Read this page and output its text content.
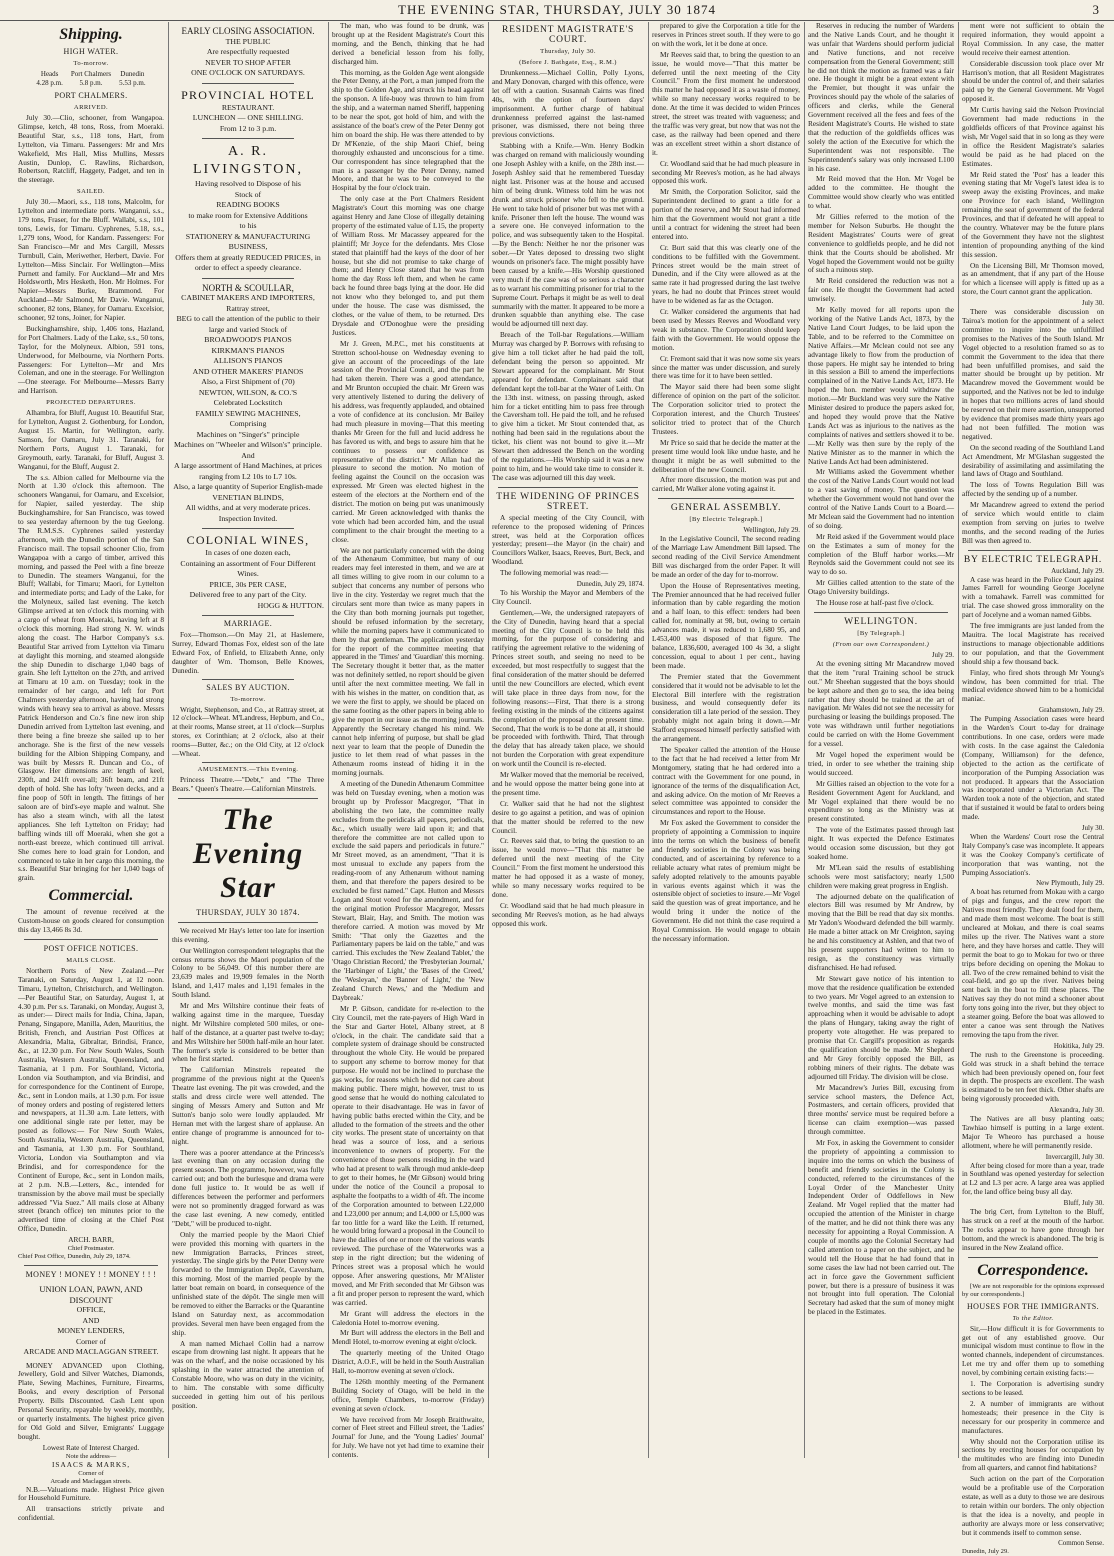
THE EVENING STAR, THURSDAY, JULY 30 1874	3
Shipping.
HIGH WATER.
To-morrow.
Heads
4.28 p.m.
Port Chalmers
5.8 p.m.
Dunedin
5.53 p.m.
PORT CHALMERS.
ARRIVED.

July 30.—Clio, schooner, from Wangapoa. Glimpse, ketch, 48 tons, Ross, from Moeraki. Beautiful Star, s.s., 118 tons, Hart, from Lyttelton, via Timaru. Passengers: Mr and Mrs Wakefield, Mrs Hall, Miss Mullins, Messrs Austin, Dunlop, C. Rawlins, Richardson, Robertson, Ratcliff, Haggety, Padget, and ten in the steerage.

SAILED.

July 30.—Maori, s.s., 118 tons, Malcolm, for Lyttelton and intermediate ports. Wanganui, s.s., 179 tons, Fraser, for the Bluff. Wallabi, s.s., 101 tons, Lewis, for Timaru. Cyphrenes, 5.18, s.s., 1,279 tons, Wood, for Kandarn. Passengers: For San Francisco—Mr and Mrs Cargill, Messrs Turnbull, Cain, Meriwether, Herbert, Davie. For Lyttelton—Miss Sinclair. For Wellington—Miss Purnett and family. For Auckland—Mr and Mrs Holdsworth, Mrs Hesketh, Hon. Mr Holmes. For Napier—Messrs Burke, Brammond. For Auckland—Mr Salmond, Mr Davie. Wanganui, schooner, 82 tons, Blaney, for Oamaru. Excelsior, schooner, 92 tons, Joiner, for Napier.

Buckinghamshire, ship, 1,406 tons, Hazland, for Port Chalmers. Lady of the Lake, s.s., 50 tons, Taylor, for the Molyneux. Albion, 591 tons, Underwood, for Melbourne, via Northern Ports. Passengers: For Lyttelton—Mr and Mrs Coleman, and one in the steerage. For Wellington—One steerage. For Melbourne—Messrs Barry and Harrison.

PROJECTED DEPARTURES.

Alhambra, for Bluff, August 10. Beautiful Star, for Lyttelton, August 2. Gothenburg, for London, August 15. Martin, for Wellington, early. Samson, for Oamaru, July 31. Taranaki, for Northern Ports, August 1. Taranaki, for Greymouth, early. Taranaki, for Bluff, August 3. Wanganui, for the Bluff, August 2.

The s.s. Albion called for Melbourne via the North at 1.30 o'clock this afternoon. The schooners Wanganui, for Oamaru, and Excelsior, for Napier, sailed yesterday. The ship Buckinghamshire, for San Francisco, was towed to sea yesterday afternoon by the tug Geelong. The R.M.S.S. Cyphrenes sailed yesterday afternoon, with the Dunedin portion of the San Francisco mail. The topsail schooner Clio, from Wangapoa with a cargo of timber, arrived this morning, and passed the Peel with a fine breeze to Dunedin. The steamers Wanganui, for the Bluff; Wallabi, for Timaru; Maori, for Lyttelton and intermediate ports; and Lady of the Lake, for the Molyneux, sailed last evening. The ketch Glimpse arrived at ten o'clock this morning with a cargo of wheat from Moeraki, having left at 8 o'clock this morning. Had strong N. W. winds along the coast. The Harbor Company's s.s. Beautiful Star arrived from Lyttelton via Timaru at daylight this morning, and steamed alongside the ship Dunedin to discharge 1,040 bags of grain. She left Lyttelton on the 27th, and arrived at Timaru at 10 a.m. on Tuesday; took in the remainder of her cargo, and left for Port Chalmers yesterday afternoon, having had strong winds with heavy sea to arrival as above. Messrs Patrick Henderson and Co.'s fine new iron ship Dunedin arrived from Lyttelton last evening, and there being a fine breeze she sailed up to her anchorage. She is the first of the new vessels building for the Albion Shipping Company, and was built by Messrs R. Duncan and Co., of Glasgow. Her dimensions are: length of keel, 230ft, and 241ft over-all; 36ft beam, and 21ft depth of hold. She has lofty 'tween decks, and a fine poop of 50ft in length. The fittings of her saloon are of bird's-eye maple and walnut. She has also a steam winch, with all the latest appliances. She left Lyttelton on Friday; had baffling winds till off Moeraki, when she got a north-east breeze, which continued till arrival. She comes here to load grain for London, and commenced to take in her cargo this morning, the s.s. Beautiful Star bringing for her 1,040 bags of grain.

Commercial.

The amount of revenue received at the Custom-house on goods cleared for consumption this day 13,466 8s 3d.

POST OFFICE NOTICES.
MAILS CLOSE.

Northern Ports of New Zealand.—Per Taranaki, on Saturday, August 1, at 12 noon. Timaru, Lyttelton, Christchurch, and Wellington.—Per Beautiful Star, on Saturday, August 1, at 4.30 p.m. Per s.s. Taranaki, on Monday, August 3, as under:— Direct mails for India, China, Japan, Penang, Singapore, Manilla, Aden, Mauritius, the British, French, and Austrian Post Offices at Alexandria, Malta, Gibraltar, Brindisi, France, &c., at 12.30 p.m. For New South Wales, South Australia, Western Australia, Queensland, and Tasmania, at 1 p.m. For Southland, Victoria, London via Southampton, and via Brindisi, and for correspondence for the Continent of Europe, &c., sent in London mails, at 1.30 p.m. For issue of money orders and posting of registered letters and newspapers, at 11.30 a.m. Late letters, with one additional single rate per letter, may be posted as follows:— For New South Wales, South Australia, Western Australia, Queensland, and Tasmania, at 1.30 p.m. For Southland, Victoria, London via Southampton and via Brindisi, and for correspondence for the Continent of Europe, &c., sent in London mails, at 2 p.m. N.B.—Letters, &c., intended for transmission by the above mail must be specially addressed "Via Suez." All mails close at Albany street (branch office) ten minutes prior to the advertised time of closing at the Chief Post Office, Dunedin.

ARCH. BARR,
Chief Postmaster.
Chief Post Office, Dunedin, July 29, 1874.
MONEY ! MONEY ! ! MONEY ! ! !
UNION LOAN, PAWN, AND DISCOUNT
OFFICE,
AND
MONEY LENDERS,
Corner of
ARCADE AND MACLAGGAN STREET.

MONEY ADVANCED upon Clothing, Jewellery, Gold and Silver Watches, Diamonds, Plate, Sewing Machines, Furniture, Firearms, Books, and every description of Personal Property. Bills Discounted. Cash Lent upon Personal Security, repayable by weekly, monthly, or quarterly instalments. The highest price given for Old Gold and Silver, Emigrants' Luggage bought.

Lowest Rate of Interest Charged.
Note the address—
ISAACS & MARKS,
Corner of
Arcade and Maclaggan streets.

N.B.—Valuations made. Highest Price given for Household Furniture.

All transactions strictly private and confidential.

EARLY CLOSING ASSOCIATION.
THE PUBLIC
Are respectfully requested
NEVER TO SHOP AFTER
ONE O'CLOCK ON SATURDAYS.
PROVINCIAL HOTEL
RESTAURANT.
LUNCHEON — ONE SHILLING.
From 12 to 3 p.m.
A. R. LIVINGSTON,
Having resolved to Dispose of his
Stock of
READING BOOKS
to make room for Extensive Additions
to his
STATIONERY & MANUFACTURING
BUSINESS,
Offers them at greatly REDUCED PRICES, in order to effect a speedy clearance.
NORTH & SCOULLAR,
CABINET MAKERS AND IMPORTERS,
Rattray street,
BEG to call the attention of the public to their large and varied Stock of
BROADWOOD'S PIANOS
KIRKMAN'S PIANOS
ALLISON'S PIANOS
AND OTHER MAKERS' PIANOS
Also, a First Shipment of (70)
NEWTON, WILSON, & CO.'S
Celebrated Lockstitch
FAMILY SEWING MACHINES,
Comprising
Machines on "Singer's" principle
Machines on "Wheeler and Wilson's" principle.
And
A large assortment of Hand Machines, at prices ranging from L2 10s to L7 10s.
Also, a large quantity of Superior English-made
VENETIAN BLINDS,
All widths, and at very moderate prices.
Inspection Invited.
COLONIAL WINES,
In cases of one dozen each,
Containing an assortment of Four Different
Wines.
PRICE, 30s PER CASE,
Delivered free to any part of the City.
HOGG & HUTTON.
MARRIAGE.

Fox—Thomson.—On May 21, at Haslemere, Surrey, Edward Thomas Fox, eldest son of the late Edward Fox, of Enfield, to Elizabeth Anne, only daughter of Wm. Thomson, Belle Knowes, Dunedin.

SALES BY AUCTION.
To-morrow.

Wright, Stephenson, and Co., at Rattray street, at 12 o'clock—Wheat. M'Landress, Hepburn, and Co., at their rooms, Manse street, at 11 o'clock—Surplus stores, ex Corinthian; at 2 o'clock, also at their rooms—Butter, &c.; on the Old City, at 12 o'clock—Wheat.

AMUSEMENTS.—This Evening.

Princess Theatre.—"Debt," and "The Three Bears." Queen's Theatre.—Californian Minstrels.

The Evening Star
THURSDAY, JULY 30 1874.

We received Mr Hay's letter too late for insertion this evening.

Our Wellington correspondent telegraphs that the census returns shows the Maori population of the Colony to be 56,049. Of this number there are 23,639 males and 19,909 females in the North Island, and 1,417 males and 1,191 females in the South Island.

Mr and Mrs Wiltshire continue their feats of walking against time in the marquee, Tuesday night. Mr Wiltshire completed 500 miles, or one-half of the distance, at a quarter past twelve to-day; and Mrs Wiltshire her 500th half-mile an hour later. The former's style is considered to be better than when he first started.

The Californian Minstrels repeated the programme of the previous night at the Queen's Theatre last evening. The pit was crowded, and the stalls and dress circle were well attended. The singing of Messrs Amery and Sutton and Mr Sutton's banjo solo were loudly applauded. Mr Hernan met with the largest share of applause. An entire change of programme is announced for to-night.

There was a poorer attendance at the Princess's last evening than on any occasion during the present season. The programme, however, was fully carried out; and both the burlesque and drama were done full justice to. It would be as well if differences between the performer and performers were not so prominently dragged forward as was the case last evening. A new comedy, entitled "Debt," will be produced to-night.

Only the married people by the Maori Chief were provided this morning with quarters in the new Immigration Barracks, Princes street, yesterday. The single girls by the Peter Denny were forwarded to the Immigration Depôt, Caversham, this morning. Most of the married people by the latter boat remain on board, in consequence of the unfinished state of the dépôt. The single men will be removed to either the Barracks or the Quarantine Island on Saturday next, as accommodation provides. Several men have been engaged from the ship.

A man named Michael Collin had a narrow escape from drowning last night. It appears that he was on the wharf, and the noise occasioned by his splashing in the water attracted the attention of Constable Moore, who was on duty in the vicinity, to him. The constable with some difficulty succeeded in getting him out of his perilous position.

The man, who was found to be drunk, was brought up at the Resident Magistrate's Court this morning, and the Bench, thinking that he had derived a beneficial lesson from his folly, discharged him.

This morning, as the Golden Age went alongside the Peter Denny, at the Port, a man jumped from the ship to the Golden Age, and struck his head against the sponson. A life-buoy was thrown to him from the ship, and a waterman named Sheriff, happening to be near the spot, got hold of him, and with the assistance of the boat's crew of the Peter Denny got him on board the ship. He was there attended to by Dr M'Kenzie, of the ship Maori Chief, being thoroughly exhausted and unconscious for a time. Our correspondent has since telegraphed that the man is a passenger by the Peter Denny, named Moore, and that he was to be conveyed to the Hospital by the four o'clock train.

The only case at the Port Chalmers Resident Magistrate's Court this morning was one charge against Henry and Jane Close of illegally detaining property of the estimated value of L15, the property of William Ross. Mr Macassey appeared for the plaintiff; Mr Joyce for the defendants. Mrs Close stated that plaintiff had the keys of the door of her house, but she did not promise to take charge of them; and Henry Close stated that he was from home the day Ross left them, and when he came back he found three bags lying at the door. He did not know who they belonged to, and put them under the house. The case was dismissed, the clothes, or the value of them, to be returned. Drs Drysdale and O'Donoghue were the presiding Justices.

Mr J. Green, M.P.C., met his constituents at Stretton school-house on Wednesday evening to give an account of the proceedings of the late session of the Provincial Council, and the part he had taken therein. There was a good attendance, and Mr Brunton occupied the chair. Mr Green was very attentively listened to during the delivery of his address, was frequently applauded, and obtained a vote of confidence at its conclusion. Mr Bailey had much pleasure in moving—That this meeting thanks Mr Green for the full and lucid address he has favored us with, and begs to assure him that he continues to possess our confidence as representative of the district." Mr Allan had the pleasure to second the motion. No motion of feeling against the Council on the occasion was expressed. Mr Green was elected highest in the esteem of the electors at the Northern end of the district. The motion on being put was unanimously carried. Mr Green acknowledged with thanks the vote which had been accorded him, and the usual compliment to the chair brought the meeting to a close.

We are not particularly concerned with the doing of the Athenæum Committee, but many of our readers may feel interested in them, and we are at all times willing to give room in our column to a subject that concerns any number of persons who live in the city. Yesterday we regret much that the circulars sent more than twice as many papers in the City than both morning journals put together, should be refused information by the secretary, while the morning papers have it communicated to them by that gentleman. The application yesterday for the report of the committee meeting that appeared in the 'Times' and 'Guardian' this morning. The Secretary thought it better that, as the matter was not definitely settled, no report should be given until after the next committee meeting. We fall in with his wishes in the matter, on condition that, as we were the first to apply, we should be placed on the same footing as the other papers in being able to give the report in our issue as the morning journals. Apparently the Secretary changed his mind. We cannot help inferring of purpose, but shall be glad next year to learn that the people of Dunedin the justice to let them read of what passes in the Athenæum rooms instead of hiding it in the morning journals.

A meeting of the Dunedin Athenæum Committee was held on Tuesday evening, when a motion was brought up by Professor Macgregor, "That in abolishing the two late, the committee really excludes from the peridicals all papers, periodicals, &c., which usually were laid upon it; and that therefore the committee are not called upon to exclude the said papers and periodicals in future." Mr Street moved, as an amendment, "That it is most unusual to exclude any papers from the reading-room of any Athenæum without naming them, and that therefore the papers desired to be excluded be first named." Capt. Hutton and Messrs Logan and Stout voted for the amendment, and for the original motion Professor Macgregor, Messrs Stewart, Blair, Hay, and Smith. The motion was therefore carried. A motion was moved by Mr Smith: "That only the Gazettes and the Parliamentary papers be laid on the table," and was carried. This excludes the 'New Zealand Tablet,' the 'Otago Christian Record,' the 'Presbyterian Journal,' the 'Harbinger of Light,' the 'Bases of the Creed,' the 'Wesleyan,' the 'Banner of Light,' the 'New Zealand Church News,' and the 'Medium and Daybreak.'

Mr P. Gibson, candidate for re-election to the City Council, met the rate-payers of High Ward in the Star and Garter Hotel, Albany street, at 8 o'clock, in the chair. The candidate said that a complete system of drainage should be constructed throughout the whole City. He would be prepared to support any scheme to borrow money for that purpose. He would not be inclined to purchase the gas works, for reasons which he did not care about making public. There might, however, trust to us good sense that he would do nothing calculated to operate to their disadvantage. He was in favor of having public baths erected within the City, and be alluded to the formation of the streets and the other city works. The present state of uncertainty on that head was a source of loss, and a serious inconvenience to owners of property. For the convenience of those persons residing in the ward who had at present to walk through mud ankle-deep to get to their homes, he (Mr Gibson) would bring under the notice of the Council a proposal to asphalte the footpaths to a width of 4ft. The income of the Corporation amounted to between L22,000 and L23,000 per annum; and L4,000 or L5,000 was far too little for a ward like the Leith. If returned, he would bring forward a proposal in the Council to have the dallies of one or more of the various wards reviewed. The purchase of the Waterworks was a step in the right direction; but the widening of Princes street was a proposal which he would oppose. After answering questions, Mr M'Alister moved, and Mr Frith seconded that Mr Gibson was a fit and proper person to represent the ward, which was carried.

Mr Grant will address the electors in the Caledonia Hotel to-morrow evening.

Mr Burt will address the electors in the Bell and Mendl Hotel, to-morrow evening at eight o'clock.

The quarterly meeting of the United Otago District, A.O.F., will be held in the South Australian Hall, to-morrow evening at seven o'clock.

The 126th monthly meeting of the Permanent Building Society of Otago, will be held in the office, Temple Chambers, to-morrow (Friday) evening at seven o'clock.

We have received from Mr Joseph Braithwaite, corner of Fleet street and Filleul street, the 'Ladies' Journal' for June, and the 'Young Ladies' Journal' for July. We have not yet had time to examine their contents.

RESIDENT MAGISTRATE'S COURT.
Thursday, July 30.
(Before J. Bathgate, Esq., R.M.)

Drunkenness.—Michael Collin, Polly Lyons, and Mary Donovan, charged with this offence, were let off with a caution. Susannah Cairns was fined 40s, with the option of fourteen days' imprisonment. A further charge of habitual drunkenness preferred against the last-named prisoner, was dismissed, there not being three previous convictions.

Stabbing with a Knife.—Wm. Henry Bodkin was charged on remand with maliciously wounding one Joseph Ashley with a knife, on the 28th inst.—Joseph Ashley said that he remembered Tuesday night last. Prisoner was at the house and accused him of being drunk. Witness told him he was not drunk and struck prisoner who fell to the ground. He went to take hold of prisoner but was met with a knife. Prisoner then left the house. The wound was a severe one. He conveyed information to the police, and was subsequently taken to the Hospital.—By the Bench: Neither he nor the prisoner was sober.—Dr Yates deposed to dressing two slight wounds on prisoner's face. The might possibly have been caused by a knife.—His Worship questioned very much if the case was of so serious a character as to warrant his committing prisoner for trial to the Supreme Court. Perhaps it might be as well to deal summarily with the matter. It appeared to be more a drunken squabble than anything else. The case would be adjourned till next day.

Breach of the Toll-bar Regulations.—William Murray was charged by P. Borrows with refusing to give him a toll ticket after he had paid the toll, defendant being the person so appointed. Mr Stewart appeared for the complainant. Mr Stout appeared for defendant. Complainant said that defendant kept the toll-bar at the Water of Leith. On the 13th inst. witness, on passing through, asked him for a ticket entitling him to pass free through the Caversham toll. He paid the toll, and he refused to give him a ticket. Mr Stout contended that, as nothing had been said in the regulations about the ticket, his client was not bound to give it.—Mr Stewart then addressed the Bench on the wording of the regulations.—His Worship said it was a new point to him, and he would take time to consider it. The case was adjourned till this day week.

THE WIDENING OF PRINCES STREET.

A special meeting of the City Council, with reference to the proposed widening of Princes street, was held at the Corporation offices yesterday; present—the Mayor (in the chair) and Councillors Walker, Isaacs, Reeves, Burt, Beck, and Woodland.

The following memorial was read:—

Dunedin, July 29, 1874.

To his Worship the Mayor and Members of the City Council.

Gentlemen,—We, the undersigned ratepayers of the City of Dunedin, having heard that a special meeting of the City Council is to be held this morning, for the purpose of considering and ratifying the agreement relative to the widening of Princes street south, and seeing no need to be exceeded, but most respectfully to suggest that the final consideration of the matter should be deferred until the new Councillors are elected, which event will take place in three days from now, for the following reasons:—First, That there is a strong feeling existing in the minds of the citizens against the completion of the proposal at the present time. Second, That the work is to be done at all, it should be proceeded with forthwith. Third, That through the delay that has already taken place, we should not burden the Corporation with great expenditure on work until the Council is re-elected.

Mr Walker moved that the memorial be received, and he would oppose the matter being gone into at the present time.

Cr. Walker said that he had not the slightest desire to go against a petition, and was of opinion that the matter should be referred to the new Council.

Cr. Reeves said that, to bring the question to an issue, he would move—"That this matter be deferred until the next meeting of the City Council." From the first moment he understood this matter he had opposed it as a waste of money, while so many necessary works required to be done.

Cr. Woodland said that he had much pleasure in seconding Mr Reeves's motion, as he had always opposed this work.

prepared to give the Corporation a title for the reserves in Princes street south. If they were to go on with the work, let it be done at once.

Mr Reeves said that, to bring the question to an issue, he would move—"That this matter be deferred until the next meeting of the City Council." From the first moment he understood this matter he had opposed it as a waste of money, while so many necessary works required to be done. At the time it was decided to widen Princes street, the street was treated with vagueness; and the traffic was very great, but now that was not the case, as the railway had been opened and there was an excellent street within a short distance of it.

Cr. Woodland said that he had much pleasure in seconding Mr Reeves's motion, as he had always opposed this work.

Mr Smith, the Corporation Solicitor, said the Superintendent declined to grant a title for a portion of the reserve, and Mr Stout had informed him that the Government would not grant a title until a contract for widening the street had been entered into.

Cr. Burt said that this was clearly one of the conditions to be fulfilled with the Government. Princes street would be the main street of Dunedin, and if the City were allowed as at the same rate it had progressed during the last twelve years, he had no doubt that Princes street would have to be widened as far as the Octagon.

Cr. Walker considered the arguments that had been used by Messrs Reeves and Woodland very weak in substance. The Corporation should keep faith with the Government. He would oppose the motion.

Cr. Fremont said that it was now some six years since the matter was under discussion, and surely there was time for it to have been settled.

The Mayor said there had been some slight difference of opinion on the part of the solicitor. The Corporation solicitor tried to protect the Corporation interest, and the Church Trustees' solicitor tried to protect that of the Church Trustees.

Mr Price so said that he decide the matter at the present time would look like undue haste, and he thought it might be as well submitted to the deliberation of the new Council.

After more discussion, the motion was put and carried, Mr Walker alone voting against it.

GENERAL ASSEMBLY.
[By Electric Telegraph.]
Wellington, July 29.

In the Legislative Council, The second reading of the Marriage Law Amendment Bill lapsed. The second reading of the Civil Service Amendment Bill was discharged from the order Paper. It will be made an order of the day for to-morrow.

Upon the House of Representatives meeting, The Premier announced that he had received fuller information than by cable regarding the motion and a half loan, to this effect: tenders had been called for, nominally at 98, but, owing to certain advances made, it was reduced to 1,680 95, and L453,400 was disposed of that figure. The balance, L836,600, averaged 100 4s 3d, a slight concession, equal to about 1 per cent., having been made.

The Premier stated that the Government considered that it would not be advisable to let the Electoral Bill interfere with the registration business, and would consequently defer its consideration till a late period of the session. They probably might not again bring it down.—Mr Stafford expressed himself perfectly satisfied with the arrangement.

The Speaker called the attention of the House to the fact that he had received a letter from Mr Montgomery, stating that he had ordered into a contract with the Government for one pound, in ignorance of the terms of the disqualification Act, and asking advice. On the motion of Mr Reeves a select committee was appointed to consider the circumstances and report to the House.

Mr Fox asked the Government to consider the propriety of appointing a Commission to inquire into the terms on which the business of benefit and friendly societies in the Colony was being conducted, and of ascertaining by reference to a reliable actuary what rates of premium might be safely adopted relatively to the amounts payable in various events against which it was the ostensible object of societies to insure.—Mr Vogel said the question was of great importance, and he would bring it under the notice of the Government. He did not think the case required a Royal Commission. He would engage to obtain the necessary information.

Reserves in reducing the number of Wardens and the Native Lands Court, and he thought it was unfair that Wardens should perform judicial and Native functions, and not receive compensation from the General Government; still he did not think the motion as framed was a fair one. He thought it might be a great extent with the Premier, but thought it was unfair the Provinces should pay the whole of the salaries of officers and clerks, while the General Government received all the fees and fees of the Resident Magistrate's Courts. He wished to state that the reduction of the goldfields offices was solely the action of the Executive for which the Superintendent was not responsible. The Superintendent's salary was only increased L100 in his case.

Mr Reid moved that the Hon. Mr Vogel be added to the committee. He thought the Committee would show clearly who was entitled to what.

Mr Gillies referred to the motion of the member for Nelson Suburbs. He thought the Resident Magistrates' Courts were of great convenience to goldfields people, and he did not think that the Courts should be abolished. Mr Vogel hoped the Government would not be guilty of such a ruinous step.

Mr Reid considered the reduction was not a fair one. He thought the Government had acted unwisely.

Mr Kelly moved for all reports upon the working of the Native Lands Act, 1873, by the Native Land Court Judges, to be laid upon the Table, and to be referred to the Committee on Native Affairs.—Mr Mclean could not see any advantage likely to flow from the production of those papers. He might say he intended to bring in this session a Bill to amend the imperfections complained of in the Native Lands Act, 1873. He hoped the hon. member would withdraw the motion.—Mr Buckland was very sure the Native Minister desired to produce the papers asked for, and hoped they would prove that the Native Lands Act was as injurious to the natives as the complaints of natives and settlers showed it to be.—Mr Kelly was then sure by the reply of the Native Minister as to the manner in which the Native Lands Act had been administered.

Mr Williams asked the Government whether the cost of the Native Lands Court would not lead to a vast saving of money. The question was whether the Government would not hand over the control of the Native Lands Court to a Board.—Mr Mclean said the Government had no intention of so doing.

Mr Reid asked if the Government would place on the Estimates a sum of money for the completion of the Bluff harbor works.—Mr Reynolds said the Government could not see its way to do so.

Mr Gillies called attention to the state of the Otago University buildings.

The House rose at half-past five o'clock.

WELLINGTON.
[By Telegraph.]
(From our own Correspondent.)
July 29.

At the evening sitting Mr Macandrew moved that the item "rural Training school be struck out." Mr Sheehan suggested that the boys should be kept ashore and then go to sea, the idea being rather that they should be trained at the art of navigation. Mr Wales did not see the necessity for purchasing or leasing the buildings proposed. The vote was withdrawn until further negotiations could be carried on with the Home Government for a vessel.

Mr Vogel hoped the experiment would be tried, in order to see whether the training ship would succeed.

Mr Gillies raised an objection to the vote for a Resident Government Agent for Auckland, and Mr Vogel explained that there would be no expenditure so long as the Ministry was at present constituted.

The vote of the Estimates passed through last night. It was expected the Defence Estimates would occasion some discussion, but they got soaked home.

Mr M'Lean said the results of establishing schools were most satisfactory; nearly 1,500 children were making great progress in English.

The adjourned debate on the qualification of electors Bill was resumed by Mr Andrew, by moving that the Bill be read that day six months. Mr Yadon's Woodward defended the bill warmly. He made a bitter attack on Mr Creighton, saying he and his constituency at Ashlen, and that two of his present supporters had written to him to resign, as the constituency was virtually disfranchised. He had refused.

Mr Stewart gave notice of his intention to move that the residence qualification be extended to two years. Mr Vogel agreed to an extension to twelve months, and said the time was fast approaching when it would be advisable to adopt the plans of Hungary, taking away the right of property vote altogether. He was prepared to promise that Cr. Cargill's proposition as regards the qualification should be made. Mr Shepherd and Mr Grey forcibly opposed the Bill, as robbing miners of their rights. The debate was adjourned till Friday. The division will be close.

Mr Macandrew's Juries Bill, excusing from service school masters, the Defence Act, Postmasters, and certain officers, provided that three months' service must be required before a license can claim exemption—was passed through committee.

Mr Fox, in asking the Government to consider the propriety of appointing a commission to inquire into the terms on which the business of benefit and friendly societies in the Colony is conducted, referred to the circumstances of the Loyal Order of the Manchester Unity Independent Order of Oddfellows in New Zealand. Mr Vogel replied that the matter had occupied the attention of the Minister in charge of the matter, and he did not think there was any necessity for appointing a Royal Commission. A couple of months ago the Colonial Secretary had called attention to a paper on the subject, and he would tell the House that he had found that in some cases the law had not been carried out. The act in force gave the Government sufficient power, but there is a pressure of business it was not brought into full operation. The Colonial Secretary had asked that the sum of money might be placed in the Estimates.

ment were not sufficient to obtain the required information, they would appoint a Royal Commission. In any case, the matter would receive their earnest attention.

Considerable discussion took place over Mr Harrison's motion, that all Resident Magistrates should be under the control of, and their salaries paid up by the General Government. Mr Vogel opposed it.

Mr Curtis having said the Nelson Provincial Government had made reductions in the goldfields officers of that Province against his wish, Mr Vogel said that in so long as they were in office the Resident Magistrate's salaries would be paid as he had placed on the Estimates.

Mr Reid stated the 'Post' has a leader this evening stating that Mr Vogel's latest idea is to sweep away the existing Provinces, and make one Province for each island, Wellington remaining the seat of government of the federal Provinces, and that if defeated he will appeal to the country. Whatever may be the future plans of the Government they have not the slightest intention of propounding anything of the kind this session.

On the Licensing Bill, Mr Thomson moved, as an amendment, that if any part of the House for which a licensee will apply is fitted up as a store, the Court cannot grant the application.

July 30.

There was considerable discussion on Tairoa's motion for the appointment of a select committee to inquire into the unfulfilled promises to the Natives of the South Island. Mr Vogel objected to a resolution framed so as to commit the Government to the idea that there had been unfulfilled promises, and said the matter should be brought up by petition. Mr Macandrew moved the Government would be supported, and the Natives not be led to indulge in hopes that two millions acres of land should be reserved on their mere assertion, unsupported by evidence that promises made thirty years ago had not been fulfilled. The motion was negatived.

On the second reading of the Southland Land Act Amendment, Mr M'Glashan suggested the desirability of assimilating and assimilating the land laws of Otago and Southland.

The loss of Towns Regulation Bill was affected by the sending up of a number.

Mr Macandrew agreed to extend the period of service which would entitle to claim exemption from serving on juries to twelve months, and the second reading of the Juries Bill was then agreed to.

BY ELECTRIC TELEGRAPH.
Auckland, July 29.

A case was heard in the Police Court against James Farrell for wounding George Jocelyne with a tomahawk. Farrell was committed for trial. The case showed gross immorality on the part of Jocelyne and a woman named Gibbs.

The free immigrants are just landed from the Mauitra. The local Magistrate has received instructions to manage objectionable additions to our population, and that the Government should ship a few thousand back.

Finlay, who fired shots through Mr Young's window, has been committed for trial. The medical evidence showed him to be a homicidal maniac.

Grahamstown, July 29.

The Pumping Association cases were heard in the Warden's Court to-day for drainage contributions. In one case, orders were made with costs. In the case against the Caledonia (Company, Williamson) for the defence, objected to the action as the certificate of incorporation of the Pumping Association was not produced. It appears that the Association was incorporated under a Victorian Act. The Warden took a note of the objection, and stated that if sustained it would be fatal to orders being made.

July 30.

When the Wardens' Court rose the Central Italy Company's case was incomplete. It appears it was the Cookey Company's certificate of incorporation that was wanting, not the Pumping Association's.

New Plymouth, July 29.

A boat has returned from Mokau with a cargo of pigs and fungus, and the crew report the Natives most friendly. They dealt food for them, and made them most welcome. The boat is still uncleared at Mokau, and there is coal seams miles up the river. The Natives want a store here, and they have horses and cattle. They will permit the boat to go to Mokau for two or three trips before deciding on opening the Mokau to all. Two of the crew remained behind to visit the coal-field, and go up the river. Natives being sent back in the boat to fill these places. The Natives say they do not mind a schooner about forty tons going into the river, but they object to a steamer going. Before the boat was allowed to enter a canoe was sent through the Natives removing the tapu from the river.

Hokitika, July 29.

The rush to the Greenstone is proceeding. Gold was struck in a shaft behind the terrace which had been previously opened on, four feet in depth. The prospects are excellent. The wash is estimated to be ten feet thick. Other shafts are being vigorously proceeded with.

Alexandra, July 30.

The Natives are all busy planting oats; Tawhiao himself is putting in a large extent. Major Te Wheoro has purchased a house allotment, where he will permanently reside.

Invercargill, July 30.

After being closed for more than a year, trade in Southland was opened yesterday for selection at L2 and L3 per acre. A large area was applied for, the land office being busy all day.

Bluff, July 30.

The brig Cert, from Lyttelton to the Bluff, has struck on a reef at the mouth of the harbor. The rocks appear to have gone through her bottom, and the wreck is abandoned. The brig is insured in the New Zealand office.

Correspondence.

[We are not responsible for the opinions expressed by our correspondents.]

HOUSES FOR THE IMMIGRANTS.
To the Editor.

Sir,—How difficult it is for Governments to get out of any established groove. Our municipal wisdom must continue to flow in the wonted channels, independent of circumstances. Let me try and offer them up to something novel, by combining certain existing facts:—

1. The Corporation is advertising sundry sections to be leased.

2. A number of immigrants are without homesteads; their presence in the City is necessary for our prosperity in commerce and manufactures.

Why should not the Corporation utilise its sections by erecting houses for occupation by the multitudes who are finding into Dunedin from all quarters, and cannot find habitations?

Such action on the part of the Corporation would be a profitable use of the Corporation estate, as well as a duty to those we are desirous to retain within our borders. The only objection is that the idea is a novelty, and people in authority are always more or less conservative; but it commends itself to common sense.

Common Sense.
Dunedin, July 29.
